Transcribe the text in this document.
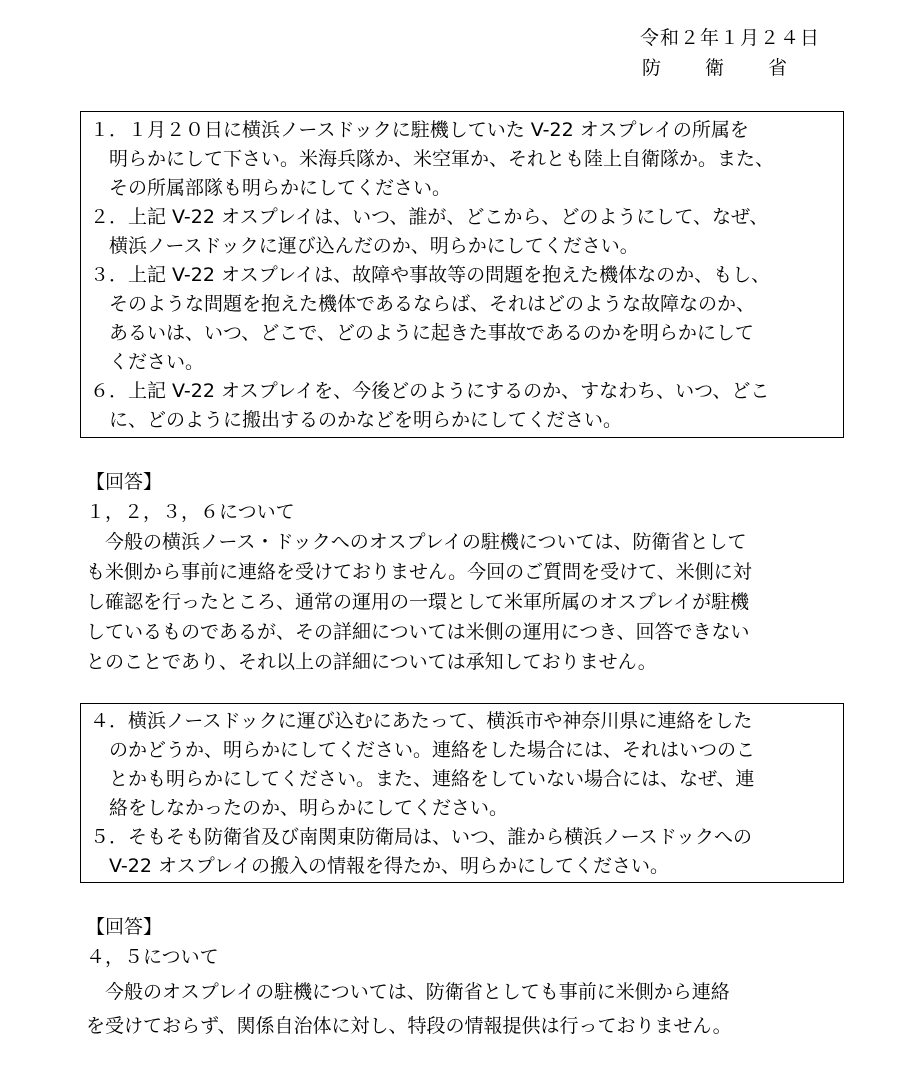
令和２年１月２４日
防　　衛　　省
１．１月２０日に横浜ノースドックに駐機していた V-22 オスプレイの所属を
　明らかにして下さい。米海兵隊か、米空軍か、それとも陸上自衛隊か。また、
　その所属部隊も明らかにしてください。
２．上記 V-22 オスプレイは、いつ、誰が、どこから、どのようにして、なぜ、
　横浜ノースドックに運び込んだのか、明らかにしてください。
３．上記 V-22 オスプレイは、故障や事故等の問題を抱えた機体なのか、もし、
　そのような問題を抱えた機体であるならば、それはどのような故障なのか、
　あるいは、いつ、どこで、どのように起きた事故であるのかを明らかにして
　ください。
６．上記 V-22 オスプレイを、今後どのようにするのか、すなわち、いつ、どこ
　に、どのように搬出するのかなどを明らかにしてください。
【回答】
１，２，３，６について
　今般の横浜ノース・ドックへのオスプレイの駐機については、防衛省として
も米側から事前に連絡を受けておりません。今回のご質問を受けて、米側に対
し確認を行ったところ、通常の運用の一環として米軍所属のオスプレイが駐機
しているものであるが、その詳細については米側の運用につき、回答できない
とのことであり、それ以上の詳細については承知しておりません。
４．横浜ノースドックに運び込むにあたって、横浜市や神奈川県に連絡をした
　のかどうか、明らかにしてください。連絡をした場合には、それはいつのこ
　とかも明らかにしてください。また、連絡をしていない場合には、なぜ、連
　絡をしなかったのか、明らかにしてください。
５．そもそも防衛省及び南関東防衛局は、いつ、誰から横浜ノースドックへの
　V-22 オスプレイの搬入の情報を得たか、明らかにしてください。
【回答】
４，５について
　今般のオスプレイの駐機については、防衛省としても事前に米側から連絡
を受けておらず、関係自治体に対し、特段の情報提供は行っておりません。
